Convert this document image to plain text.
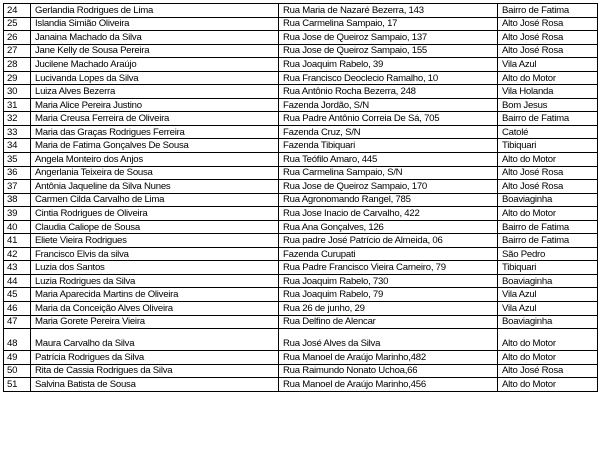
24	Gerlandia Rodrigues de Lima	Rua Maria de Nazaré Bezerra, 143	Bairro de Fatima
25	Islandia Simião Oliveira	Rua Carmelina Sampaio, 17	Alto José Rosa
26	Janaina Machado da Silva	Rua Jose de Queiroz Sampaio, 137	Alto José Rosa
27	Jane Kelly de Sousa Pereira	Rua Jose de Queiroz Sampaio, 155	Alto José Rosa
28	Jucilene Machado Araújo	Rua Joaquim Rabelo, 39	Vila Azul
29	Lucivanda Lopes da Silva	Rua Francisco Deoclecio Ramalho, 10	Alto do Motor
30	Luiza Alves Bezerra	Rua Antônio Rocha Bezerra, 248	Vila Holanda
31	Maria Alice Pereira Justino	Fazenda Jordão, S/N	Bom Jesus
32	Maria Creusa Ferreira de Oliveira	Rua Padre Antônio Correia De Sá, 705	Bairro de Fatima
33	Maria das Graças Rodrigues Ferreira	Fazenda Cruz, S/N	Catolé
34	Maria de Fatima Gonçalves De Sousa	Fazenda Tibiquari	Tibiquari
35	Angela Monteiro dos Anjos	Rua Teófilo Amaro, 445	Alto do Motor
36	Angerlania Teixeira de Sousa	Rua Carmelina Sampaio, S/N	Alto José Rosa
37	Antônia Jaqueline da Silva Nunes	Rua Jose de Queiroz Sampaio, 170	Alto José Rosa
38	Carmen Cilda Carvalho de Lima	Rua Agronomando Rangel, 785	Boaviaginha
39	Cintia Rodrigues de Oliveira	Rua Jose Inacio de Carvalho, 422	Alto do Motor
40	Claudia Caliope de Sousa	Rua Ana Gonçalves, 126	Bairro de Fatima
41	Eliete Vieira Rodrigues	Rua padre José Patrício de Almeida, 06	Bairro de Fatima
42	Francisco Elvis da silva	Fazenda Curupati	São Pedro
43	Luzia dos Santos	Rua Padre Francisco Vieira Carneiro, 79	Tibiquari
44	Luzia Rodrigues da Silva	Rua Joaquim Rabelo, 730	Boaviaginha
45	Maria Aparecida Martins de Oliveira	Rua Joaquim Rabelo, 79	Vila Azul
46	Maria da Conceição Alves Oliveira	Rua 26 de junho, 29	Vila Azul
47	Maria Gorete Pereira Vieira	Rua Delfino de Alencar	Boaviaginha
48	Maura Carvalho da Silva	Rua José Alves da Silva	Alto do Motor
49	Patrícia Rodrigues da Silva	Rua Manoel de Araújo Marinho,482	Alto do Motor
50	Rita de Cassia Rodrigues da Silva	Rua Raimundo Nonato Uchoa,66	Alto José Rosa
51	Salvina Batista de Sousa	Rua Manoel de Araújo Marinho,456	Alto do Motor
